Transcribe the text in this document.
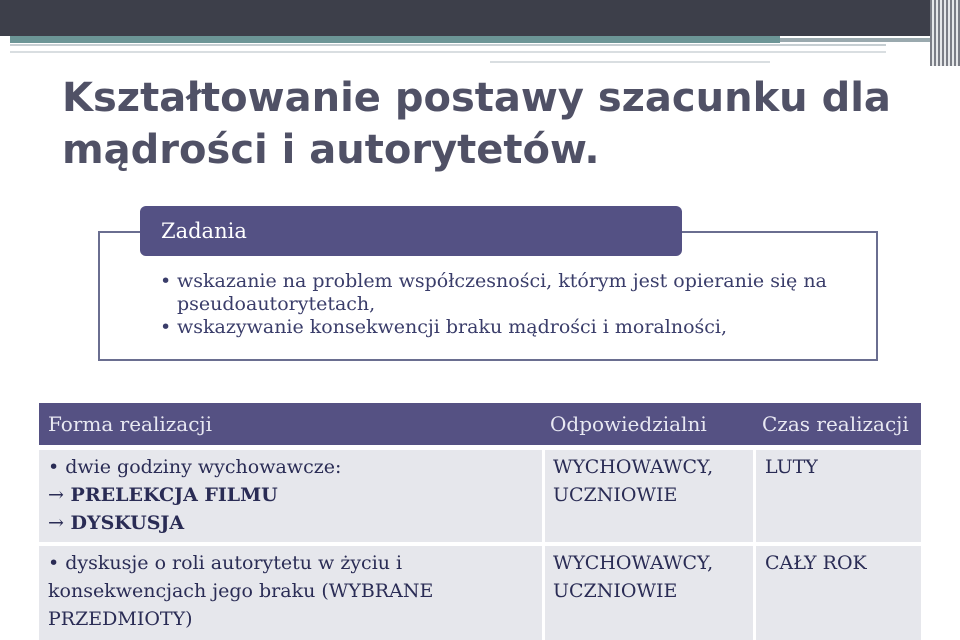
Kształtowanie postawy szacunku dla mądrości i autorytetów.
Zadania
• wskazanie na problem współczesności, którym jest opieranie się na pseudoautorytetach,
• wskazywanie konsekwencji braku mądrości i moralności,
Forma realizacji	Odpowiedzialni	Czas realizacji
• dwie godziny wychowawcze:
→ PRELEKCJA FILMU
→ DYSKUSJA
WYCHOWAWCY, UCZNIOWIE
LUTY
• dyskusje o roli autorytetu w życiu i konsekwencjach jego braku (WYBRANE PRZEDMIOTY)
WYCHOWAWCY, UCZNIOWIE
CAŁY ROK
